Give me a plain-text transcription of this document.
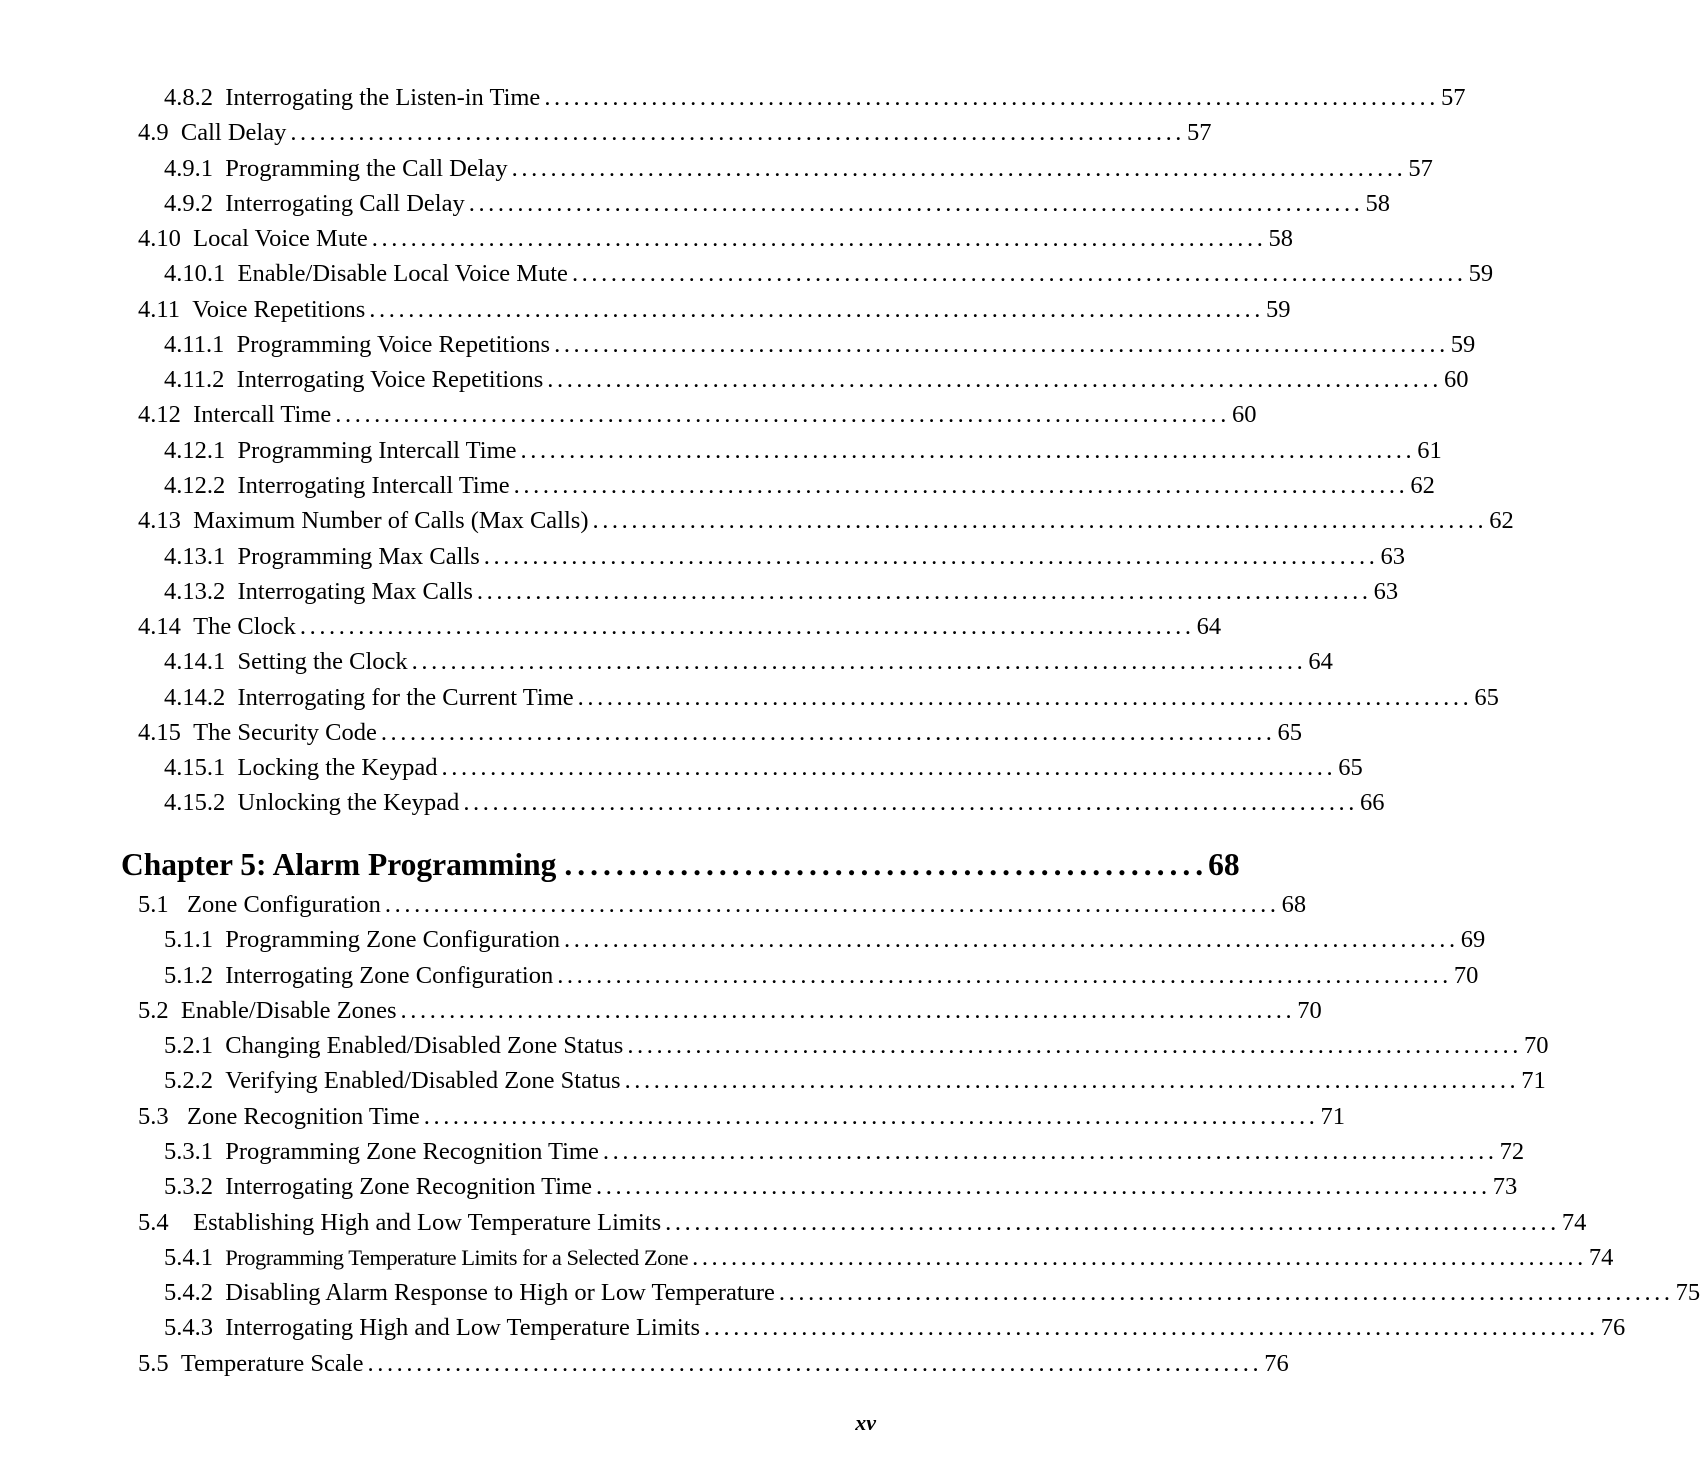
4.8.2
Interrogating the Listen-in Time ............................................................................................ 57
4.9
Call Delay ............................................................................................ 57
4.9.1
Programming the Call Delay ............................................................................................ 57
4.9.2
Interrogating Call Delay ............................................................................................ 58
4.10
Local Voice Mute ............................................................................................ 58
4.10.1
Enable/Disable Local Voice Mute ............................................................................................ 59
4.11
Voice Repetitions ............................................................................................ 59
4.11.1
Programming Voice Repetitions ............................................................................................ 59
4.11.2
Interrogating Voice Repetitions ............................................................................................ 60
4.12
Intercall Time ............................................................................................ 60
4.12.1
Programming Intercall Time ............................................................................................ 61
4.12.2
Interrogating Intercall Time ............................................................................................ 62
4.13
Maximum Number of Calls (Max Calls) ............................................................................................ 62
4.13.1
Programming Max Calls ............................................................................................ 63
4.13.2
Interrogating Max Calls ............................................................................................ 63
4.14
The Clock ............................................................................................ 64
4.14.1
Setting the Clock ............................................................................................ 64
4.14.2
Interrogating for the Current Time ............................................................................................ 65
4.15
The Security Code ............................................................................................ 65
4.15.1
Locking the Keypad ............................................................................................ 65
4.15.2
Unlocking the Keypad ............................................................................................ 66
Chapter 5: Alarm Programming .................................................. 68
5.1
Zone Configuration ............................................................................................ 68
5.1.1
Programming Zone Configuration ............................................................................................ 69
5.1.2
Interrogating Zone Configuration ............................................................................................ 70
5.2
Enable/Disable Zones ............................................................................................ 70
5.2.1
Changing Enabled/Disabled Zone Status ............................................................................................ 70
5.2.2
Verifying Enabled/Disabled Zone Status ............................................................................................ 71
5.3
Zone Recognition Time ............................................................................................ 71
5.3.1
Programming Zone Recognition Time ............................................................................................ 72
5.3.2
Interrogating Zone Recognition Time ............................................................................................ 73
5.4
Establishing High and Low Temperature Limits ............................................................................................ 74
5.4.1
Programming Temperature Limits for a Selected Zone ............................................................................................ 74
5.4.2
Disabling Alarm Response to High or Low Temperature ............................................................................................ 75
5.4.3
Interrogating High and Low Temperature Limits ............................................................................................ 76
5.5
Temperature Scale ............................................................................................ 76
xv
